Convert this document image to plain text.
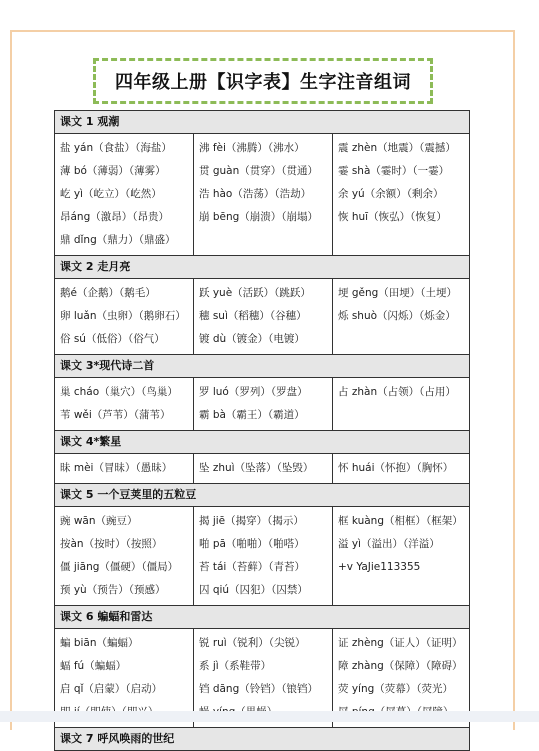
四年级上册【识字表】生字注音组词
课文 1 观潮
盐 yán（食盐）（海盐）
薄 bó（薄弱）（薄雾）
屹 yì（屹立）（屹然）
昂áng（激昂）（昂贵）
鼎 dǐng（鼎力）（鼎盛）
沸 fèi（沸腾）（沸水）
贯 guàn（贯穿）（贯通）
浩 hào（浩荡）（浩劫）
崩 bēng（崩溃）（崩塌）
震 zhèn（地震）（震撼）
霎 shà（霎时）（一霎）
余 yú（余额）（剩余）
恢 huī（恢弘）（恢复）
课文 2 走月亮
鹅é（企鹅）（鹅毛）
卵 luǎn（虫卵）（鹅卵石）
俗 sú（低俗）（俗气）
跃 yuè（活跃）（跳跃）
穗 suì（稻穗）（谷穗）
镀 dù（镀金）（电镀）
埂 gěng（田埂）（土埂）
烁 shuò（闪烁）（烁金）
课文 3*现代诗二首
巢 cháo（巢穴）（鸟巢）
苇 wěi（芦苇）（蒲苇）
罗 luó（罗列）（罗盘）
霸 bà（霸王）（霸道）
占 zhàn（占领）（占用）
课文 4*繁星
昧 mèi（冒昧）（愚昧）	坠 zhuì（坠落）（坠毁）	怀 huái（怀抱）（胸怀）
课文 5 一个豆荚里的五粒豆
豌 wān（豌豆）
按àn（按时）（按照）
僵 jiāng（僵硬）（僵局）
预 yù（预告）（预感）
揭 jiē（揭穿）（揭示）
啪 pā（啪啪）（啪嗒）
苔 tái（苔藓）（青苔）
囚 qiú（囚犯）（囚禁）
框 kuàng（相框）（框架）
溢 yì（溢出）（洋溢）
+v YaJie113355
课文 6 蝙蝠和雷达
蝙 biān（蝙蝠）
蝠 fú（蝙蝠）
启 qǐ（启蒙）（启动）
锐 ruì（锐利）（尖锐）
系 jì（系鞋带）
铛 dāng（铃铛）（锒铛）
证 zhèng（证人）（证明）
障 zhàng（保障）（障碍）
荧 yíng（荧幕）（荧光）
课文 7 呼风唤雨的世纪
